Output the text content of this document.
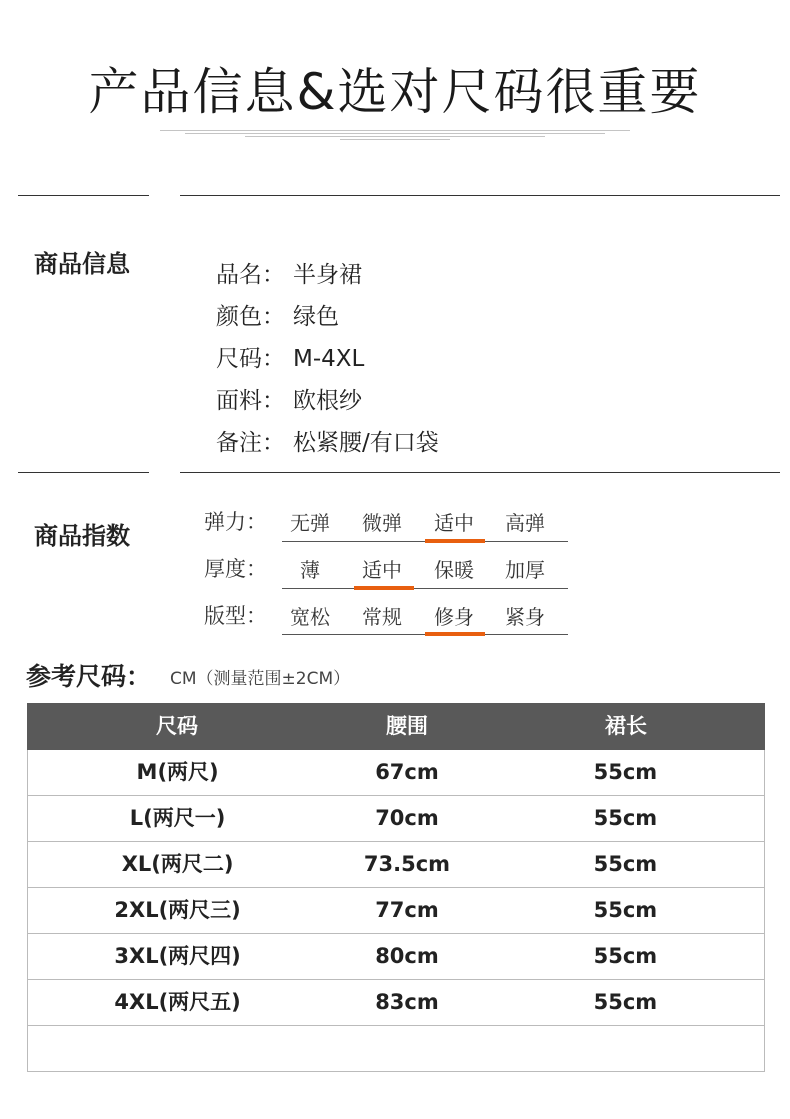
产品信息&选对尺码很重要
商品信息	品名： 半身裙
颜色： 绿色
尺码： M-4XL
面料： 欧根纱
备注： 松紧腰/有口袋
商品指数	弹力：	无弹	微弹	适中	高弹
厚度：	薄	适中	保暖	加厚
版型：	宽松	常规	修身	紧身
参考尺码： CM（测量范围±2CM）
尺码	腰围	裙长
M(两尺)	67cm	55cm
L(两尺一)	70cm	55cm
XL(两尺二)	73.5cm	55cm
2XL(两尺三)	77cm	55cm
3XL(两尺四)	80cm	55cm
4XL(两尺五)	83cm	55cm
